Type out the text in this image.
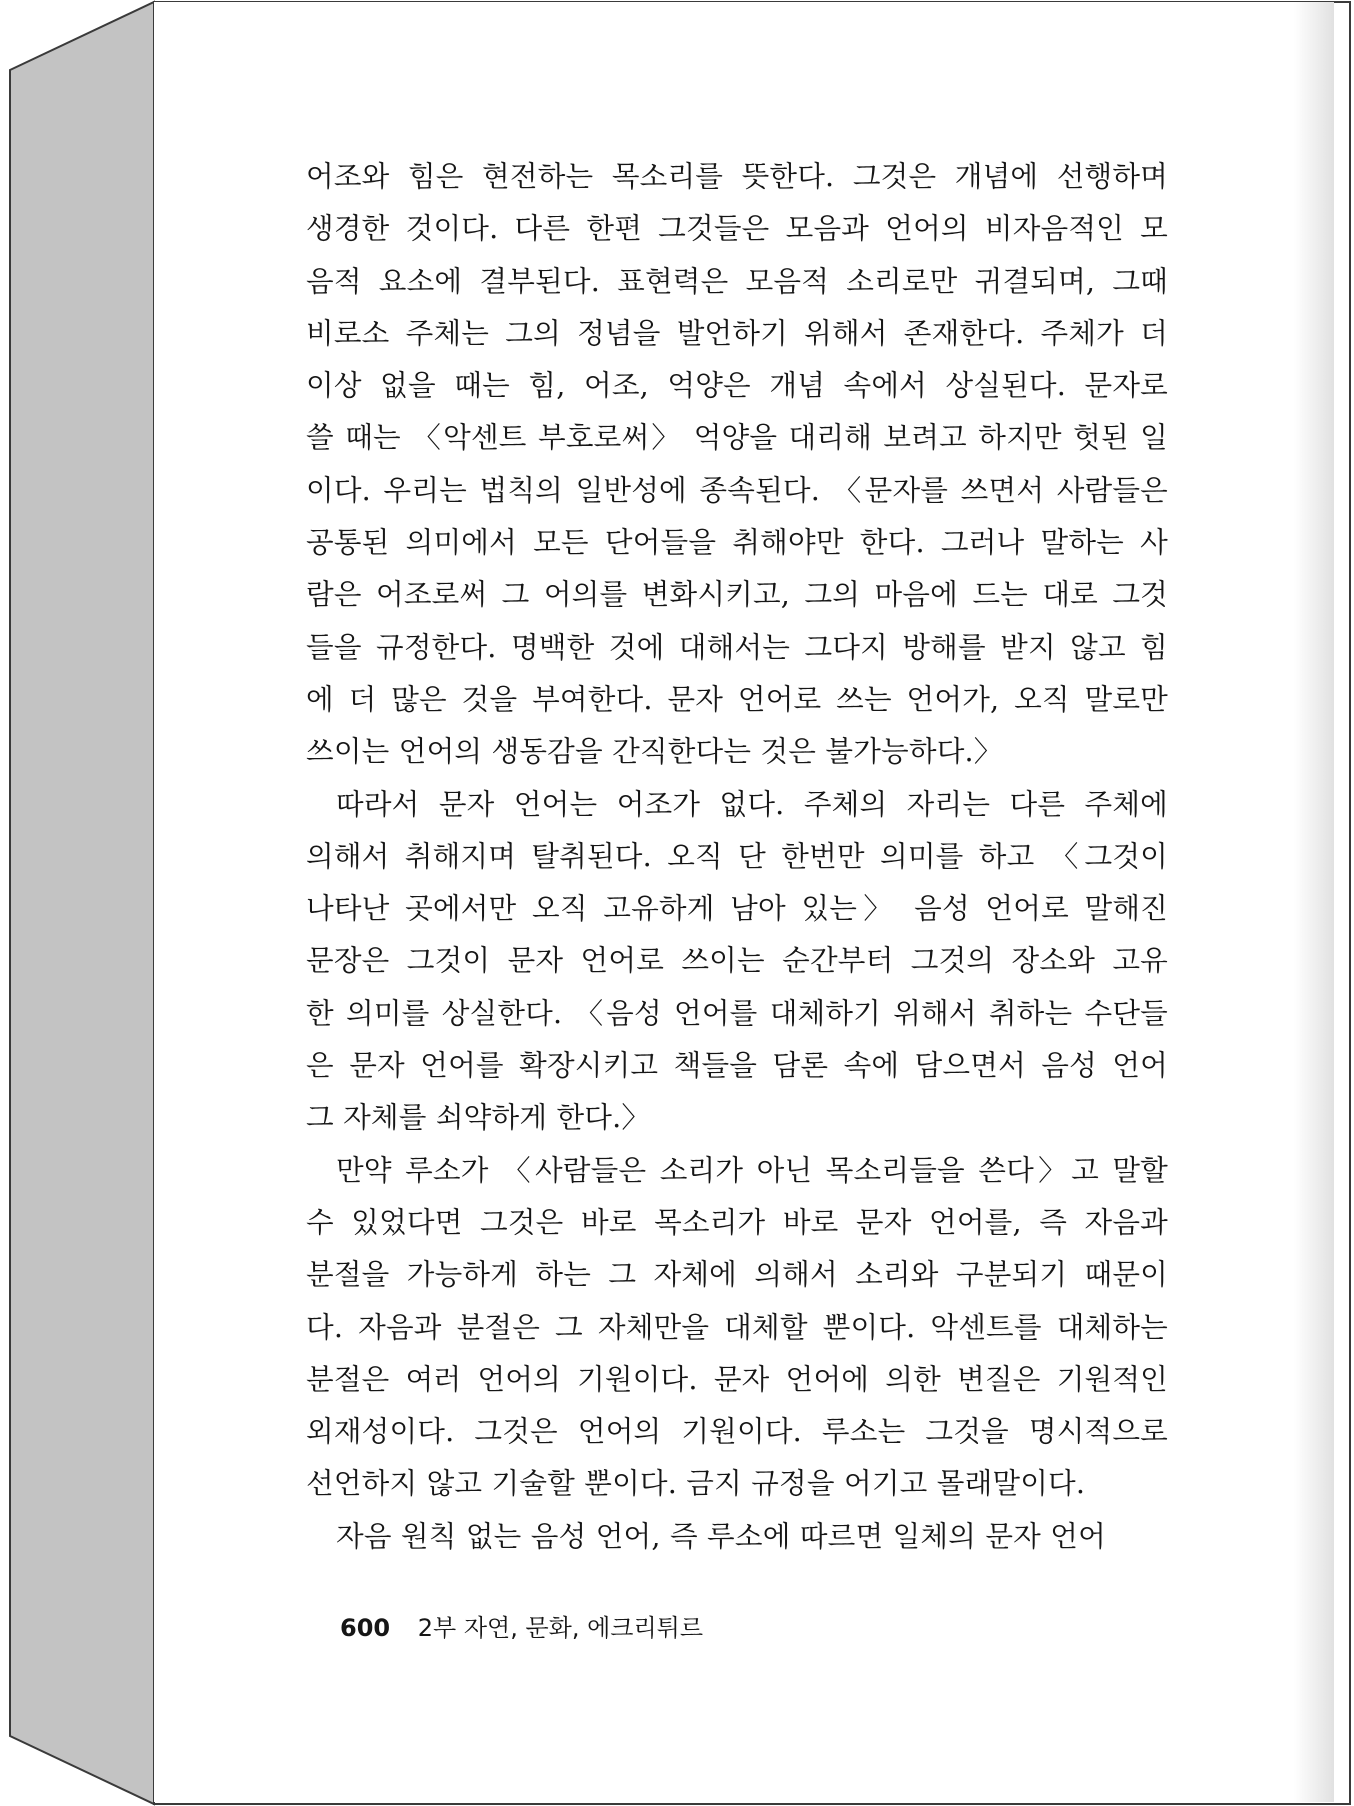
어조와 힘은 현전하는 목소리를 뜻한다. 그것은 개념에 선행하며
생경한 것이다. 다른 한편 그것들은 모음과 언어의 비자음적인 모
음적 요소에 결부된다. 표현력은 모음적 소리로만 귀결되며, 그때
비로소 주체는 그의 정념을 발언하기 위해서 존재한다. 주체가 더
이상 없을 때는 힘, 어조, 억양은 개념 속에서 상실된다. 문자로
쓸 때는 〈악센트 부호로써〉 억양을 대리해 보려고 하지만 헛된 일
이다. 우리는 법칙의 일반성에 종속된다. 〈문자를 쓰면서 사람들은
공통된 의미에서 모든 단어들을 취해야만 한다. 그러나 말하는 사
람은 어조로써 그 어의를 변화시키고, 그의 마음에 드는 대로 그것
들을 규정한다. 명백한 것에 대해서는 그다지 방해를 받지 않고 힘
에 더 많은 것을 부여한다. 문자 언어로 쓰는 언어가, 오직 말로만
쓰이는 언어의 생동감을 간직한다는 것은 불가능하다.〉
따라서 문자 언어는 어조가 없다. 주체의 자리는 다른 주체에
의해서 취해지며 탈취된다. 오직 단 한번만 의미를 하고 〈그것이
나타난 곳에서만 오직 고유하게 남아 있는〉 음성 언어로 말해진
문장은 그것이 문자 언어로 쓰이는 순간부터 그것의 장소와 고유
한 의미를 상실한다. 〈음성 언어를 대체하기 위해서 취하는 수단들
은 문자 언어를 확장시키고 책들을 담론 속에 담으면서 음성 언어
그 자체를 쇠약하게 한다.〉
만약 루소가 〈사람들은 소리가 아닌 목소리들을 쓴다〉고 말할
수 있었다면 그것은 바로 목소리가 바로 문자 언어를, 즉 자음과
분절을 가능하게 하는 그 자체에 의해서 소리와 구분되기 때문이
다. 자음과 분절은 그 자체만을 대체할 뿐이다. 악센트를 대체하는
분절은 여러 언어의 기원이다. 문자 언어에 의한 변질은 기원적인
외재성이다. 그것은 언어의 기원이다. 루소는 그것을 명시적으로
선언하지 않고 기술할 뿐이다. 금지 규정을 어기고 몰래말이다.
자음 원칙 없는 음성 언어, 즉 루소에 따르면 일체의 문자 언어
600 2부 자연, 문화, 에크리튀르
